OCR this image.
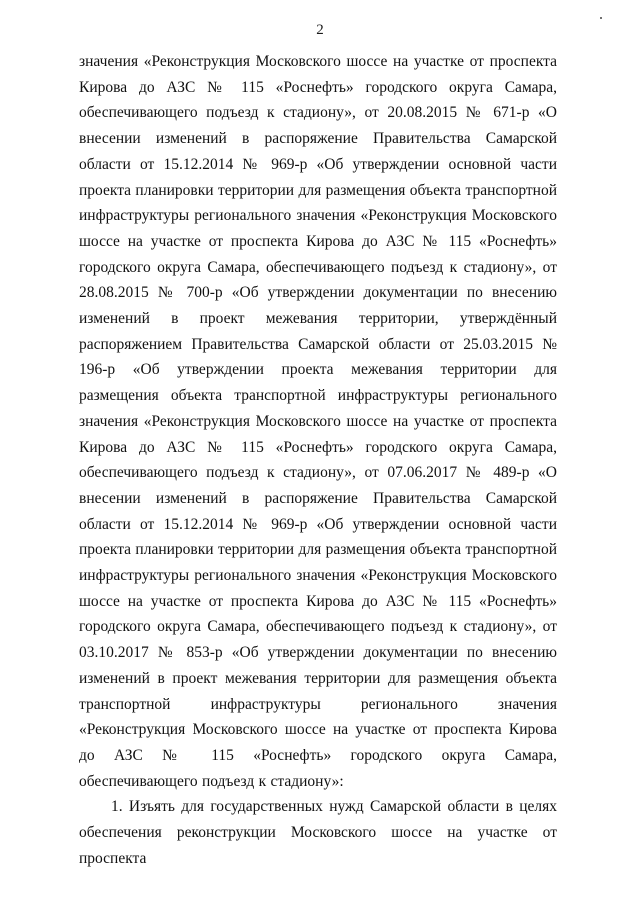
2

значения «Реконструкция Московского шоссе на участке от проспекта Кирова до АЗС № 115 «Роснефть» городского округа Самара, обеспечивающего подъезд к стадиону», от 20.08.2015 № 671-р «О внесении изменений в распоряжение Правительства Самарской области от 15.12.2014 № 969-р «Об утверждении основной части проекта планировки территории для размещения объекта транспортной инфраструктуры регионального значения «Реконструкция Московского шоссе на участке от проспекта Кирова до АЗС № 115 «Роснефть» городского округа Самара, обеспечивающего подъезд к стадиону», от 28.08.2015 № 700-р «Об утверждении документации по внесению изменений в проект межевания территории, утверждённый распоряжением Правительства Самарской области от 25.03.2015 № 196-р «Об утверждении проекта межевания территории для размещения объекта транспортной инфраструктуры регионального значения «Реконструкция Московского шоссе на участке от проспекта Кирова до АЗС № 115 «Роснефть» городского округа Самара, обеспечивающего подъезд к стадиону», от 07.06.2017 № 489-р «О внесении изменений в распоряжение Правительства Самарской области от 15.12.2014 № 969-р «Об утверждении основной части проекта планировки территории для размещения объекта транспортной инфраструктуры регионального значения «Реконструкция Московского шоссе на участке от проспекта Кирова до АЗС № 115 «Роснефть» городского округа Самара, обеспечивающего подъезд к стадиону», от 03.10.2017 № 853-р «Об утверждении документации по внесению изменений в проект межевания территории для размещения объекта транспортной инфраструктуры регионального значения «Реконструкция Московского шоссе на участке от проспекта Кирова до АЗС № 115 «Роснефть» городского округа Самара, обеспечивающего подъезд к стадиону»:

1. Изъять для государственных нужд Самарской области в целях обеспечения реконструкции Московского шоссе на участке от проспекта
